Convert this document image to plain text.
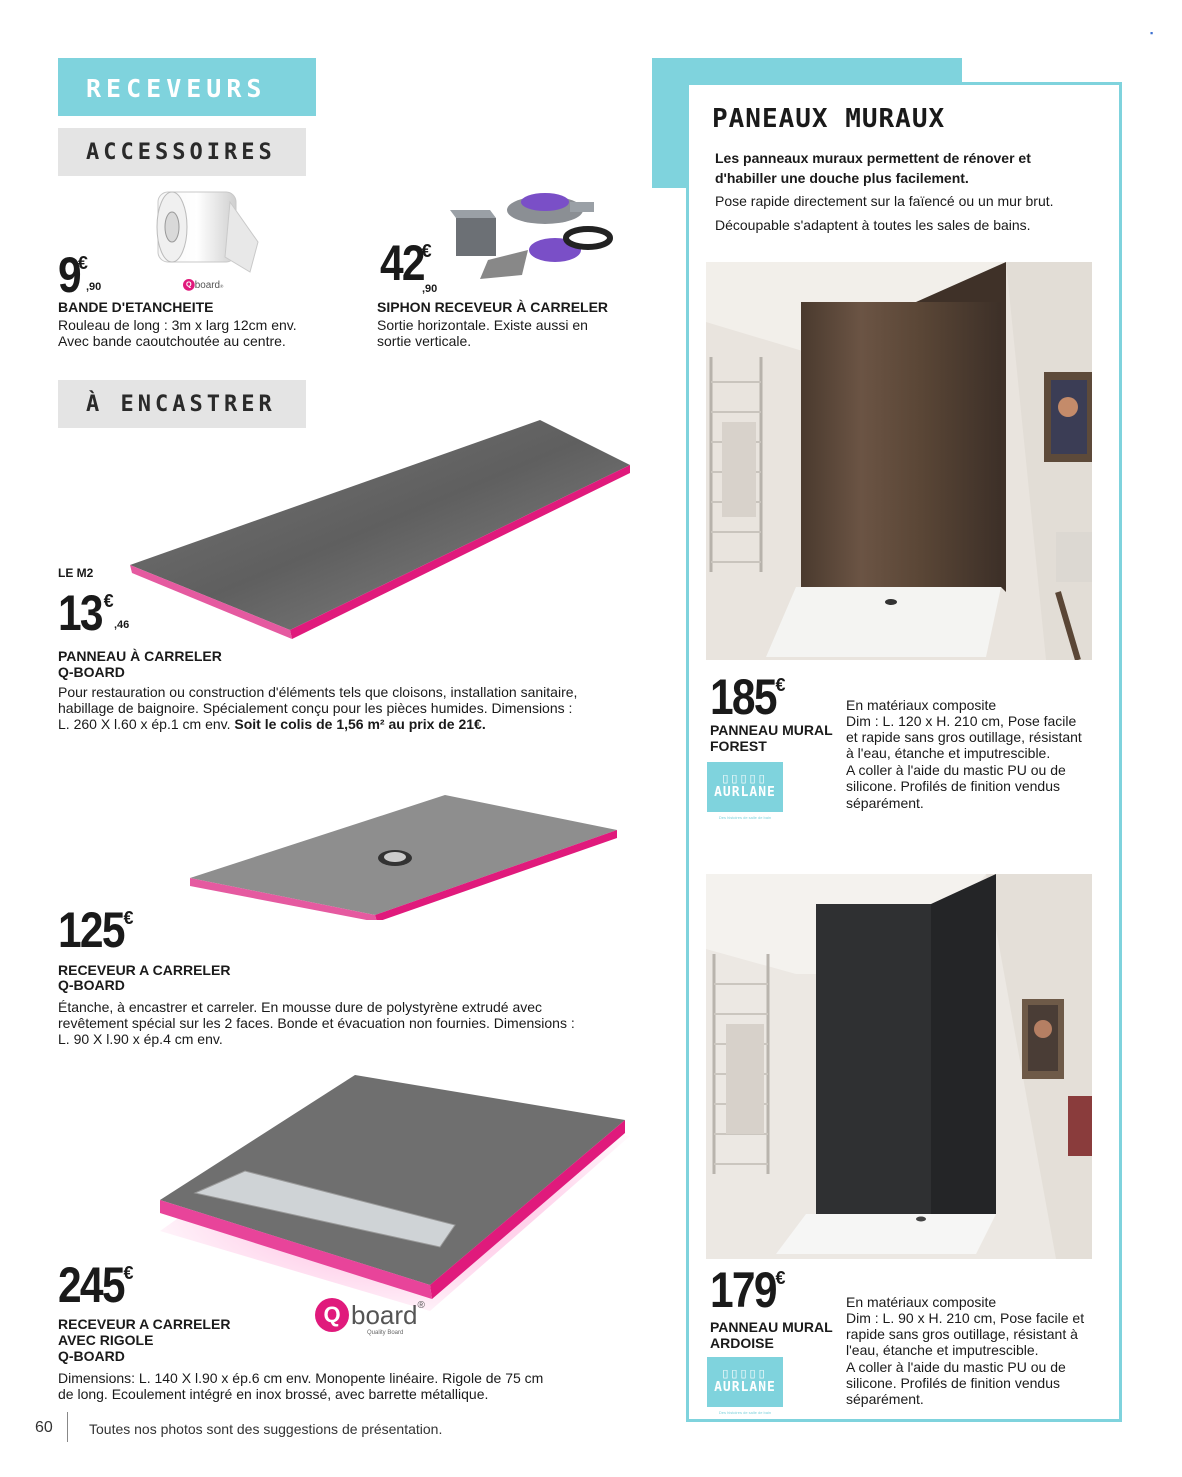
▪
RECEVEURS
ACCESSOIRES
Q board®
9
€
,90
BANDE D'ETANCHEITE
Rouleau de long : 3m x larg 12cm env.
Avec bande caoutchoutée au centre.
42
€
,90
SIPHON RECEVEUR À CARRELER
Sortie horizontale. Existe aussi en
sortie verticale.
À ENCASTRER
LE M2
13 €
,46
PANNEAU À CARRELER
Q-BOARD
Pour restauration ou construction d'éléments tels que cloisons, installation sanitaire,
habillage de baignoire. Spécialement conçu pour les pièces humides. Dimensions :
L. 260 X l.60 x ép.1 cm env. Soit le colis de 1,56 m² au prix de 21€.
125 €
RECEVEUR A CARRELER
Q-BOARD
Étanche, à encastrer et carreler. En mousse dure de polystyrène extrudé avec
revêtement spécial sur les 2 faces. Bonde et évacuation non fournies. Dimensions :
L. 90 X l.90 x ép.4 cm env.
245 €
RECEVEUR A CARRELER
AVEC RIGOLE
Q-BOARD
Q board®
Quality Board
Dimensions: L. 140 X l.90 x ép.6 cm env. Monopente linéaire. Rigole de 75 cm
de long. Ecoulement intégré en inox brossé, avec barrette métallique.
60	Toutes nos photos sont des suggestions de présentation.
PANEAUX MURAUX
Les panneaux muraux permettent de rénover et
d'habiller une douche plus facilement.
Pose rapide directement sur la faïencé ou un mur brut.
Découpable s'adaptent à toutes les sales de bains.
185 €
PANNEAU MURAL
FOREST
▯▯▯▯▯
AURLANE
Des histoires de salle de bain
En matériaux composite
Dim : L. 120 x H. 210 cm, Pose facile
et rapide sans gros outillage, résistant
à l'eau, étanche et imputrescible.
A coller à l'aide du mastic PU ou de
silicone. Profilés de finition vendus
séparément.
179 €
PANNEAU MURAL
ARDOISE
▯▯▯▯▯
AURLANE
Des histoires de salle de bain
En matériaux composite
Dim : L. 90 x H. 210 cm, Pose facile et
rapide sans gros outillage, résistant à
l'eau, étanche et imputrescible.
A coller à l'aide du mastic PU ou de
silicone. Profilés de finition vendus
séparément.
